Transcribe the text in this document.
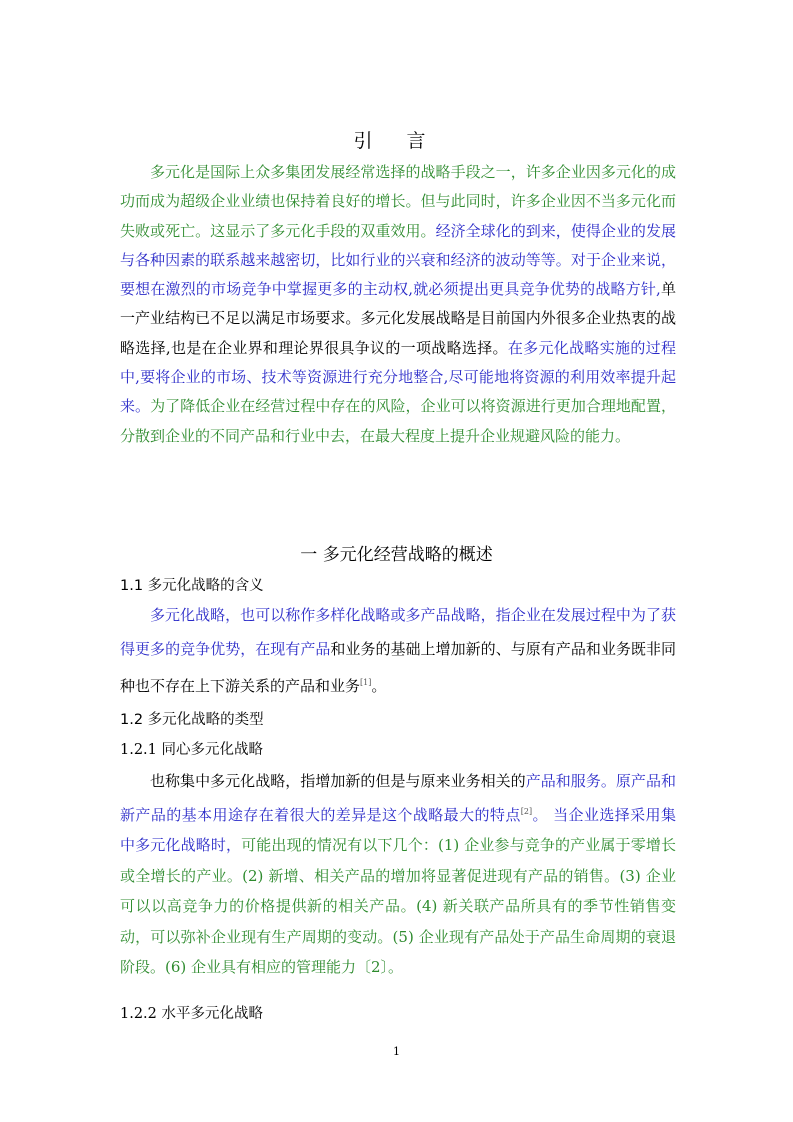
引 言
多元化是国际上众多集团发展经常选择的战略手段之一，许多企业因多元化的成功而成为超级企业业绩也保持着良好的增长。但与此同时，许多企业因不当多元化而失败或死亡。这显示了多元化手段的双重效用。经济全球化的到来，使得企业的发展与各种因素的联系越来越密切，比如行业的兴衰和经济的波动等等。对于企业来说，要想在激烈的市场竞争中掌握更多的主动权,就必须提出更具竞争优势的战略方针,单一产业结构已不足以满足市场要求。多元化发展战略是目前国内外很多企业热衷的战略选择,也是在企业界和理论界很具争议的一项战略选择。在多元化战略实施的过程中,要将企业的市场、技术等资源进行充分地整合,尽可能地将资源的利用效率提升起来。为了降低企业在经营过程中存在的风险，企业可以将资源进行更加合理地配置，分散到企业的不同产品和行业中去，在最大程度上提升企业规避风险的能力。
一 多元化经营战略的概述
1.1 多元化战略的含义
多元化战略，也可以称作多样化战略或多产品战略，指企业在发展过程中为了获得更多的竞争优势，在现有产品和业务的基础上增加新的、与原有产品和业务既非同种也不存在上下游关系的产品和业务[1]。
1.2 多元化战略的类型
1.2.1 同心多元化战略
也称集中多元化战略，指增加新的但是与原来业务相关的产品和服务。原产品和新产品的基本用途存在着很大的差异是这个战略最大的特点[2]。 当企业选择采用集中多元化战略时，可能出现的情况有以下几个：(1) 企业参与竞争的产业属于零增长或全增长的产业。(2) 新增、相关产品的增加将显著促进现有产品的销售。(3) 企业可以以高竞争力的价格提供新的相关产品。(4) 新关联产品所具有的季节性销售变动，可以弥补企业现有生产周期的变动。(5) 企业现有产品处于产品生命周期的衰退阶段。(6) 企业具有相应的管理能力〔2〕。
1.2.2 水平多元化战略
1
